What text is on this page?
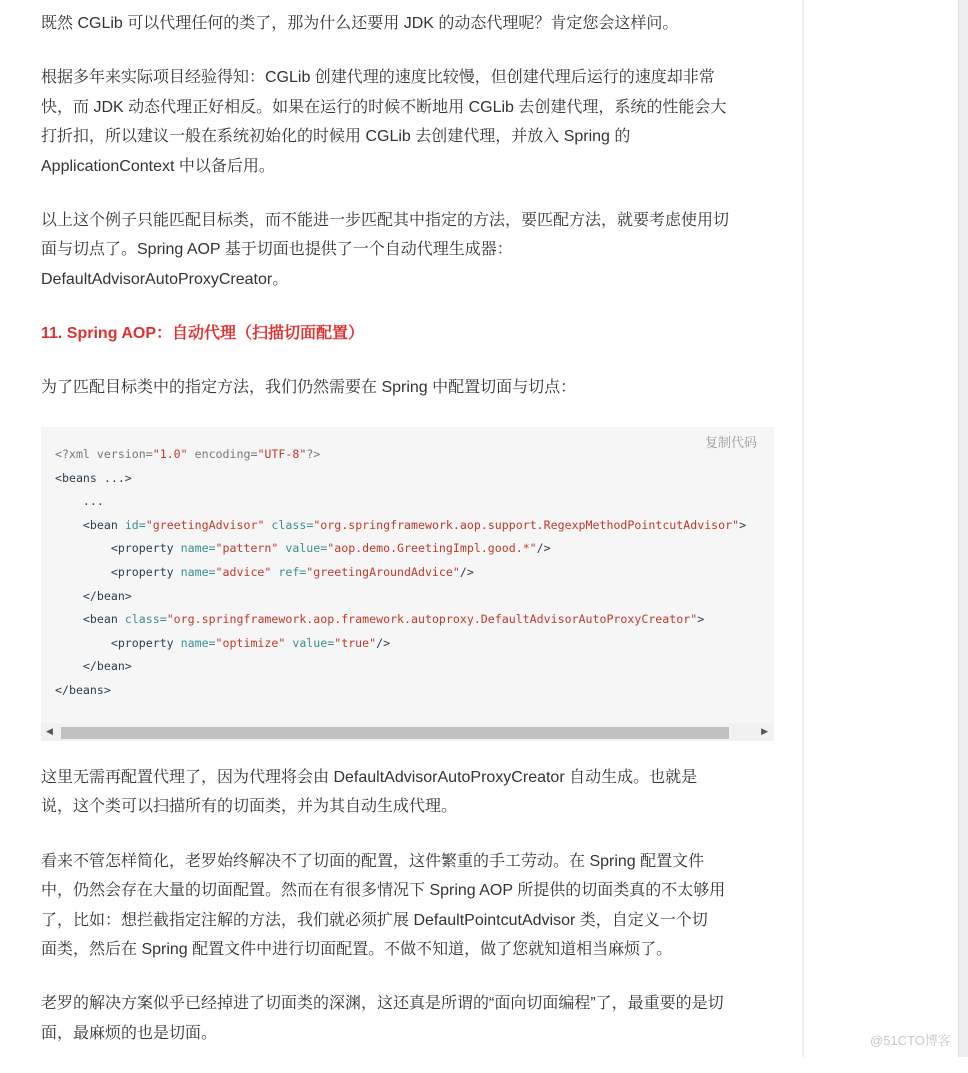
既然 CGLib 可以代理任何的类了，那为什么还要用 JDK 的动态代理呢？肯定您会这样问。

根据多年来实际项目经验得知：CGLib 创建代理的速度比较慢，但创建代理后运行的速度却非常
快，而 JDK 动态代理正好相反。如果在运行的时候不断地用 CGLib 去创建代理，系统的性能会大
打折扣，所以建议一般在系统初始化的时候用 CGLib 去创建代理，并放入 Spring 的
ApplicationContext 中以备后用。

以上这个例子只能匹配目标类，而不能进一步匹配其中指定的方法，要匹配方法，就要考虑使用切
面与切点了。Spring AOP 基于切面也提供了一个自动代理生成器：
DefaultAdvisorAutoProxyCreator。

11. Spring AOP：自动代理（扫描切面配置）

为了匹配目标类中的指定方法，我们仍然需要在 Spring 中配置切面与切点：

复制代码
<?xml version="1.0" encoding="UTF-8"?>
<beans ...>
...
<bean id="greetingAdvisor" class="org.springframework.aop.support.RegexpMethodPointcutAdvisor">
<property name="pattern" value="aop.demo.GreetingImpl.good.*"/>
<property name="advice" ref="greetingAroundAdvice"/>
</bean>
<bean class="org.springframework.aop.framework.autoproxy.DefaultAdvisorAutoProxyCreator">
<property name="optimize" value="true"/>
</bean>
</beans>
◀	▶

这里无需再配置代理了，因为代理将会由 DefaultAdvisorAutoProxyCreator 自动生成。也就是
说，这个类可以扫描所有的切面类，并为其自动生成代理。

看来不管怎样简化，老罗始终解决不了切面的配置，这件繁重的手工劳动。在 Spring 配置文件
中，仍然会存在大量的切面配置。然而在有很多情况下 Spring AOP 所提供的切面类真的不太够用
了，比如：想拦截指定注解的方法，我们就必须扩展 DefaultPointcutAdvisor 类，自定义一个切
面类，然后在 Spring 配置文件中进行切面配置。不做不知道，做了您就知道相当麻烦了。

老罗的解决方案似乎已经掉进了切面类的深渊，这还真是所谓的“面向切面编程”了，最重要的是切
面，最麻烦的也是切面。	@51CTO博客
